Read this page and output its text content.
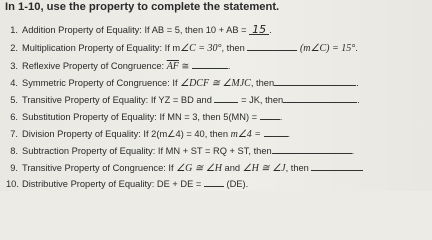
In 1-10, use the property to complete the statement.
1. Addition Property of Equality: If AB = 5, then 10 + AB = 15 .
2. Multiplication Property of Equality: If m∠C = 30°, then	(m∠C) = 15°.
3. Reflexive Property of Congruence: $\overline{AF}$ ≅	.
4. Symmetric Property of Congruence: If ∠DCF ≅ ∠MJC, then	.
5. Transitive Property of Equality: If YZ = BD and	= JK, then	.
6. Substitution Property of Equality: If MN = 3, then 5(MN) = .
7. Division Property of Equality: If 2(m∠4) = 40, then m∠4 =	.
8. Subtraction Property of Equality: If MN + ST = RQ + ST, then	.
9. Transitive Property of Congruence: If ∠G ≅ ∠H and ∠H ≅ ∠J, then
10. Distributive Property of Equality: DE + DE =  (DE).
